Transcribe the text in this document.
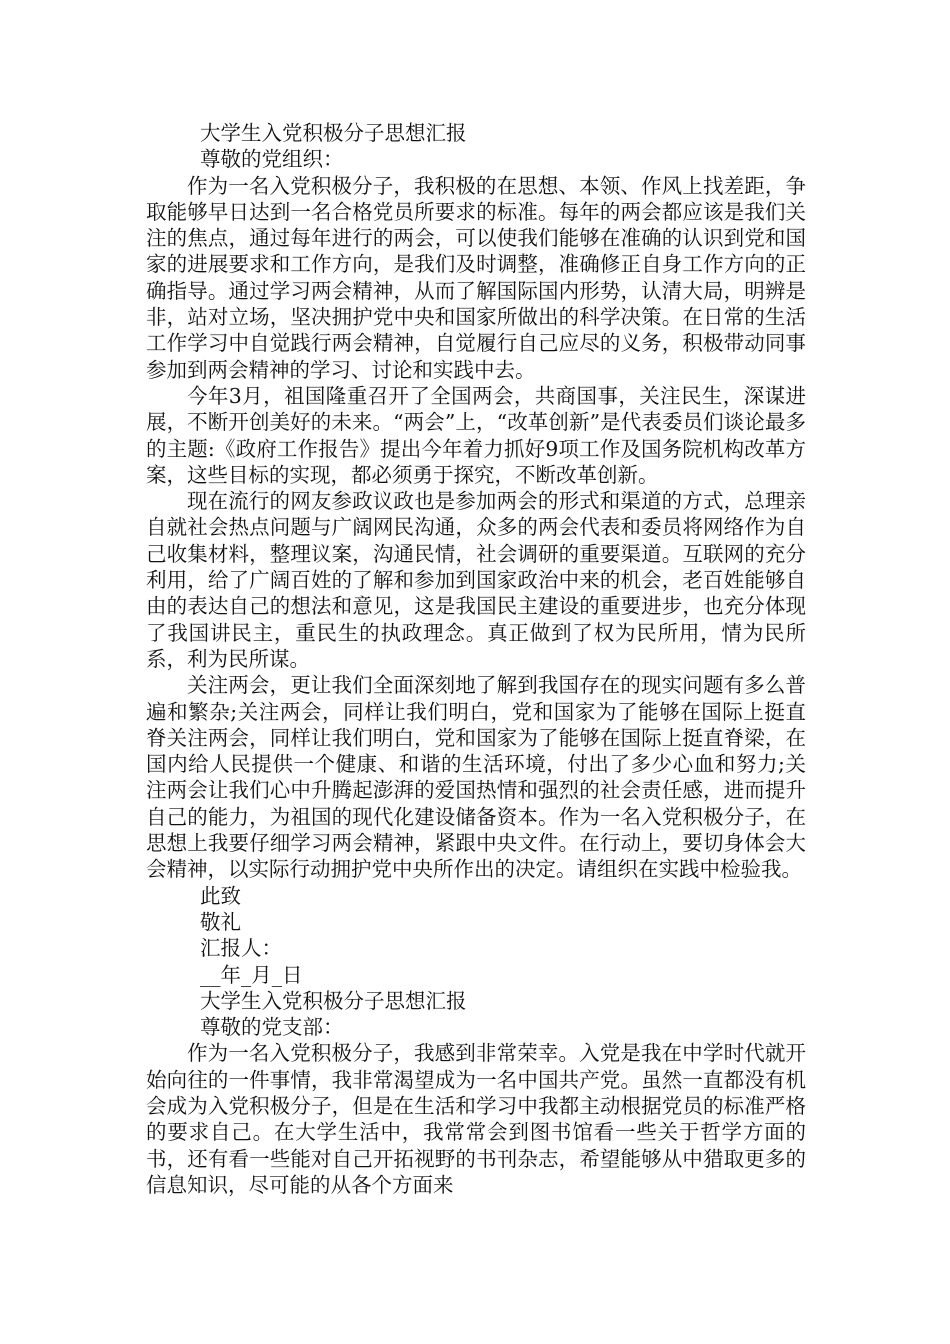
大学生入党积极分子思想汇报
尊敬的党组织：
作为一名入党积极分子，我积极的在思想、本领、作风上找差距，争取能够早日达到一名合格党员所要求的标准。每年的两会都应该是我们关注的焦点，通过每年进行的两会，可以使我们能够在准确的认识到党和国家的进展要求和工作方向，是我们及时调整，准确修正自身工作方向的正确指导。通过学习两会精神，从而了解国际国内形势，认清大局，明辨是非，站对立场，坚决拥护党中央和国家所做出的科学决策。在日常的生活工作学习中自觉践行两会精神，自觉履行自己应尽的义务，积极带动同事参加到两会精神的学习、讨论和实践中去。
今年3月，祖国隆重召开了全国两会，共商国事，关注民生，深谋进展，不断开创美好的未来。“两会”上，“改革创新”是代表委员们谈论最多的主题:《政府工作报告》提出今年着力抓好9项工作及国务院机构改革方案，这些目标的实现，都必须勇于探究，不断改革创新。
现在流行的网友参政议政也是参加两会的形式和渠道的方式，总理亲自就社会热点问题与广阔网民沟通，众多的两会代表和委员将网络作为自己收集材料，整理议案，沟通民情，社会调研的重要渠道。互联网的充分利用，给了广阔百姓的了解和参加到国家政治中来的机会，老百姓能够自由的表达自己的想法和意见，这是我国民主建设的重要进步，也充分体现了我国讲民主，重民生的执政理念。真正做到了权为民所用，情为民所系，利为民所谋。
关注两会，更让我们全面深刻地了解到我国存在的现实问题有多么普遍和繁杂;关注两会，同样让我们明白，党和国家为了能够在国际上挺直脊关注两会，同样让我们明白，党和国家为了能够在国际上挺直脊梁，在国内给人民提供一个健康、和谐的生活环境，付出了多少心血和努力;关注两会让我们心中升腾起澎湃的爱国热情和强烈的社会责任感，进而提升自己的能力，为祖国的现代化建设储备资本。作为一名入党积极分子，在思想上我要仔细学习两会精神，紧跟中央文件。在行动上，要切身体会大会精神，以实际行动拥护党中央所作出的决定。请组织在实践中检验我。
此致
敬礼
汇报人：
__年_月_日
大学生入党积极分子思想汇报
尊敬的党支部：
作为一名入党积极分子，我感到非常荣幸。入党是我在中学时代就开始向往的一件事情，我非常渴望成为一名中国共产党。虽然一直都没有机会成为入党积极分子，但是在生活和学习中我都主动根据党员的标准严格的要求自己。在大学生活中，我常常会到图书馆看一些关于哲学方面的书，还有看一些能对自己开拓视野的书刊杂志，希望能够从中猎取更多的信息知识，尽可能的从各个方面来
